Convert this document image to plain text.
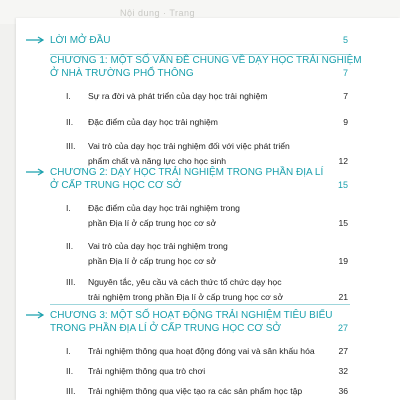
Nội dung · Trang
LỜI MỞ ĐẦU	5
CHƯƠNG 1: MỘT SỐ VẤN ĐỀ CHUNG VỀ DẠY HỌC TRẢI NGHIỆM
Ở NHÀ TRƯỜNG PHỔ THÔNG	7
I. Sự ra đời và phát triển của dạy học trải nghiệm	7
II. Đặc điểm của dạy học trải nghiệm	9
III. Vai trò của dạy học trải nghiệm đối với việc phát triển
phẩm chất và năng lực cho học sinh	12
CHƯƠNG 2: DẠY HỌC TRẢI NGHIỆM TRONG PHẦN ĐỊA LÍ
Ở CẤP TRUNG HỌC CƠ SỞ	15
I. Đặc điểm của dạy học trải nghiệm trong
phần Địa lí ở cấp trung học cơ sở	15
II. Vai trò của dạy học trải nghiệm trong
phần Địa lí ở cấp trung học cơ sở	19
III. Nguyên tắc, yêu cầu và cách thức tổ chức dạy học
trải nghiệm trong phần Địa lí ở cấp trung học cơ sở	21
CHƯƠNG 3: MỘT SỐ HOẠT ĐỘNG TRẢI NGHIỆM TIÊU BIỂU
TRONG PHẦN ĐỊA LÍ Ở CẤP TRUNG HỌC CƠ SỞ	27
I. Trải nghiệm thông qua hoạt động đóng vai và sân khấu hóa	27
II. Trải nghiệm thông qua trò chơi	32
III. Trải nghiệm thông qua việc tạo ra các sản phẩm học tập	36
